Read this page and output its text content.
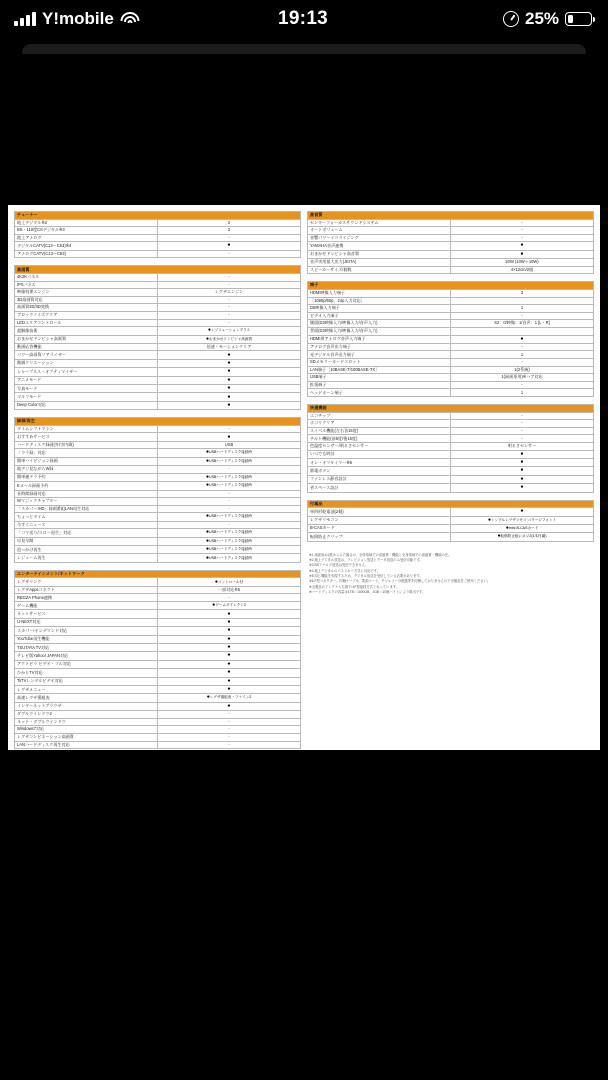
Y!mobile	19:13	25%
チューナー	
地上デジタル※2	2
BS・110度CSデジタル※3	2
地上アナログ	-
デジタルCATV(C13～C63)※4	●
アナログCATV(C13～C63)	-
高画質	
4K2Kパネル	-
IPSパネル	-
映像処理エンジン	レグザエンジン
3D高画質対応	-
高画質2D/3D変換	-
ブロックノイズクリア	-
LEDエリアコントロール	-
超解像技術	●レゾリューションプラス
おまかせドンピシャ高画質	●おまかせドンピシャ高画質
動画応答機能	倍速・モーションクリア
パワー高画質リアライザー	●
階調クリエーション	●
シャープネス・オプティマイザー	●
アニメモード	●
写真モード	●
ゴルフモード	●
Deep Color対応	●
録画/再生	
タイムシフトマシン	-
おすすめサービス	●
ハードディスク録画(外付/内蔵)	USB
「ウラ録」対応	●USBハードディスク接続時
簡単ハイビジョン録画	●USBハードディスク接続時
地デジ見ながらW録	-
簡単連ドラ予約	●USBハードディスク接続時
Eメール録画予約	●USBハードディスク接続時
長時間録画対応	-
Wマジックチャプター	-
「スカパー!HD」録画番組LAN再生対応	-
ちょっとタイム	●USBハードディスク接続時
今すぐニュース	-
「コマ送り/スロー再生」対応	●USBハードディスク接続時
早見早聞	●USBハードディスク接続時
追っかけ再生	●USBハードディスク接続時
レジューム再生	●USBハードディスク接続時
エンターテインメント/ネットワーク	
レグザリンク	●コントロール付
レグザAppsコネクト	一部対応※5
REGZA Phone連携	-
ゲーム機能	●ゲームダイレクト2
ネットサービス	●
U-NEXT対応	●
スカパー!オンデマンド対応	●
YouTube再生機能	●
TSUTAYA TV対応	●
テレビ版Yahoo! JAPAN対応	●
アクトビラ ビデオ・フル対応	●
ひかりTV対応	●
TsTVレンタルビデオ対応	●
レグザメニュー	●
高速レグザ番組表	●レグザ番組表・ファイン2
インターネットブラウザ	●
ダブルウインドウ2	-
ネット・ダブルウインドウ	-
Windows7対応	-
レグザコンビネーション高画質	-
LANハードディスク再生対応	-
高音質	
センターフォーカスサウンドシステム	-
オートボリューム	-
音響パワーイコライジング	-
YAMAHA音声連携	●
おまかせドンピシャ高音質	●
音声実用最大出力(JEITA)	20W (10W＋10W)
スピーカーサイズ/個数	4×12cm/2個
端子	
HDMI映像入力端子	3
［1080p/60p、24p入力対応］	
D5映像入力端子	1
ビデオ入力端子	-
側面(D3映像入力/映像入力/音声入力)	S2：0/映像：1/音声：1 [L・R]
背面(D3映像入力/映像入力/音声入力)	
HDMI用アナログ音声入力端子	●
アナログ音声出力端子	-
光デジタル音声出力端子	1
SDメモリーカードスロット	-
LAN端子［10BASE-T/100BASE-TX］	1(2系統)
USB端子	1(録画専用)※ハブ対応
拡張端子	-
ヘッドホーン端子	1
快適機能	
エコチップ	-
ホコリクリア	-
スイベル機能(左右各15度)	-
チルト機能(前5度/後15度)	-
色温度センサー/明るさセンサー	明るさセンサー
いつでも時計	●
オン・オフタイマー※6	●
節電ボタン	●
ファンレス静音設計	●
省スペース設計	●
付属品	
単四形乾電池(2個)	●
レグザリモコン	●シンプルレグザリモコン/ラージフォント
B-CASカード	●mini B-CASカード
転倒防止クリップ	●転倒防止板にネジ2(1本付属)

※1 画面斜め2度からみた場合の、全体領域での高画質・機能と全身領域での高画質・機能の比。

※2 地上デジタル放送は、テレビジョン放送とデータ放送のみ受信可能です。

※3 BSアナログ放送は受信できません。

※4 地上デジタルのパススルー方式に対応です。

※5 同じ機能を実現するため、デジタル放送を受信している必要があります。

※6 F型コネクター、同軸ケーブル、電源コード、モジュラー分配器等を同梱しておりませんので市販品をご使用ください。

※全製品のアンテナ入力端子はF型接栓方式となっています。

※ハードディスクの容量は1TB＝1000GB、1GB＝10億バイトにより算出です。
